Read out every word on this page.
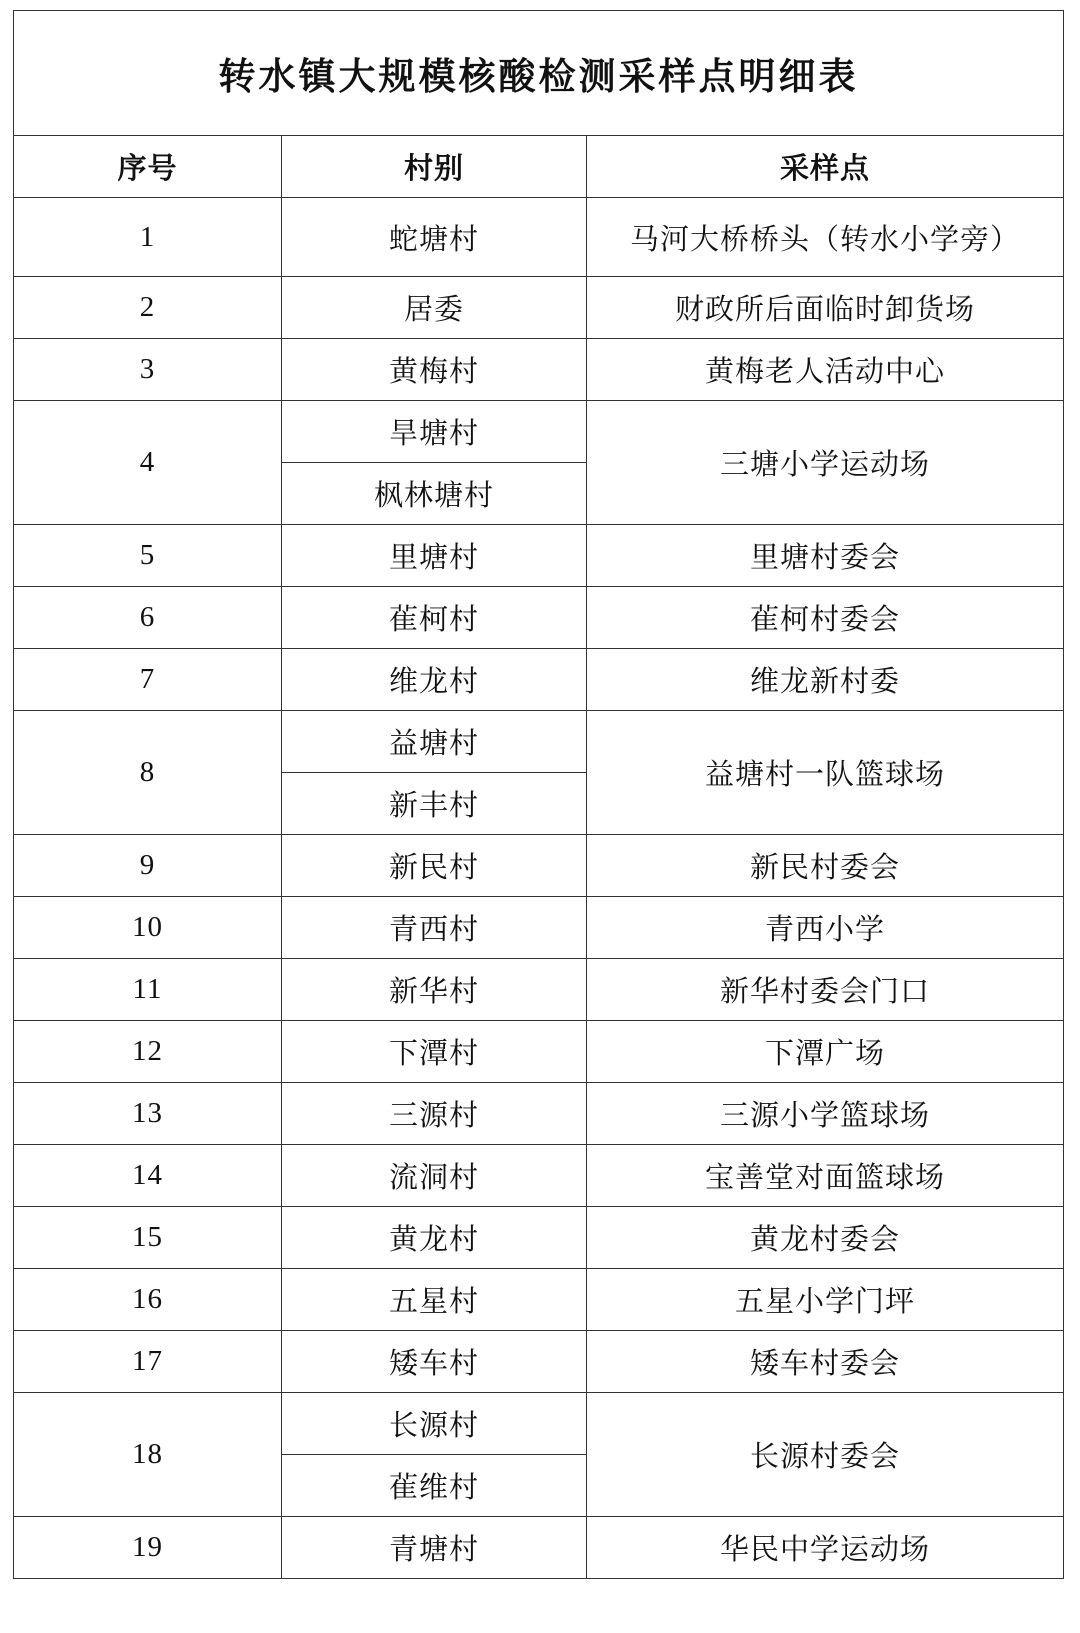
转水镇大规模核酸检测采样点明细表		
序号	村别	采样点
1	蛇塘村	马河大桥桥头（转水小学旁）
2	居委	财政所后面临时卸货场
3	黄梅村	黄梅老人活动中心
4	旱塘村	三塘小学运动场
	枫林塘村	
5	里塘村	里塘村委会
6	雈柯村	雈柯村委会
7	维龙村	维龙新村委
8	益塘村	益塘村一队篮球场
	新丰村	
9	新民村	新民村委会
10	青西村	青西小学
11	新华村	新华村委会门口
12	下潭村	下潭广场
13	三源村	三源小学篮球场
14	流洞村	宝善堂对面篮球场
15	黄龙村	黄龙村委会
16	五星村	五星小学门坪
17	矮车村	矮车村委会
18	长源村	长源村委会
	雈维村	
19	青塘村	华民中学运动场
